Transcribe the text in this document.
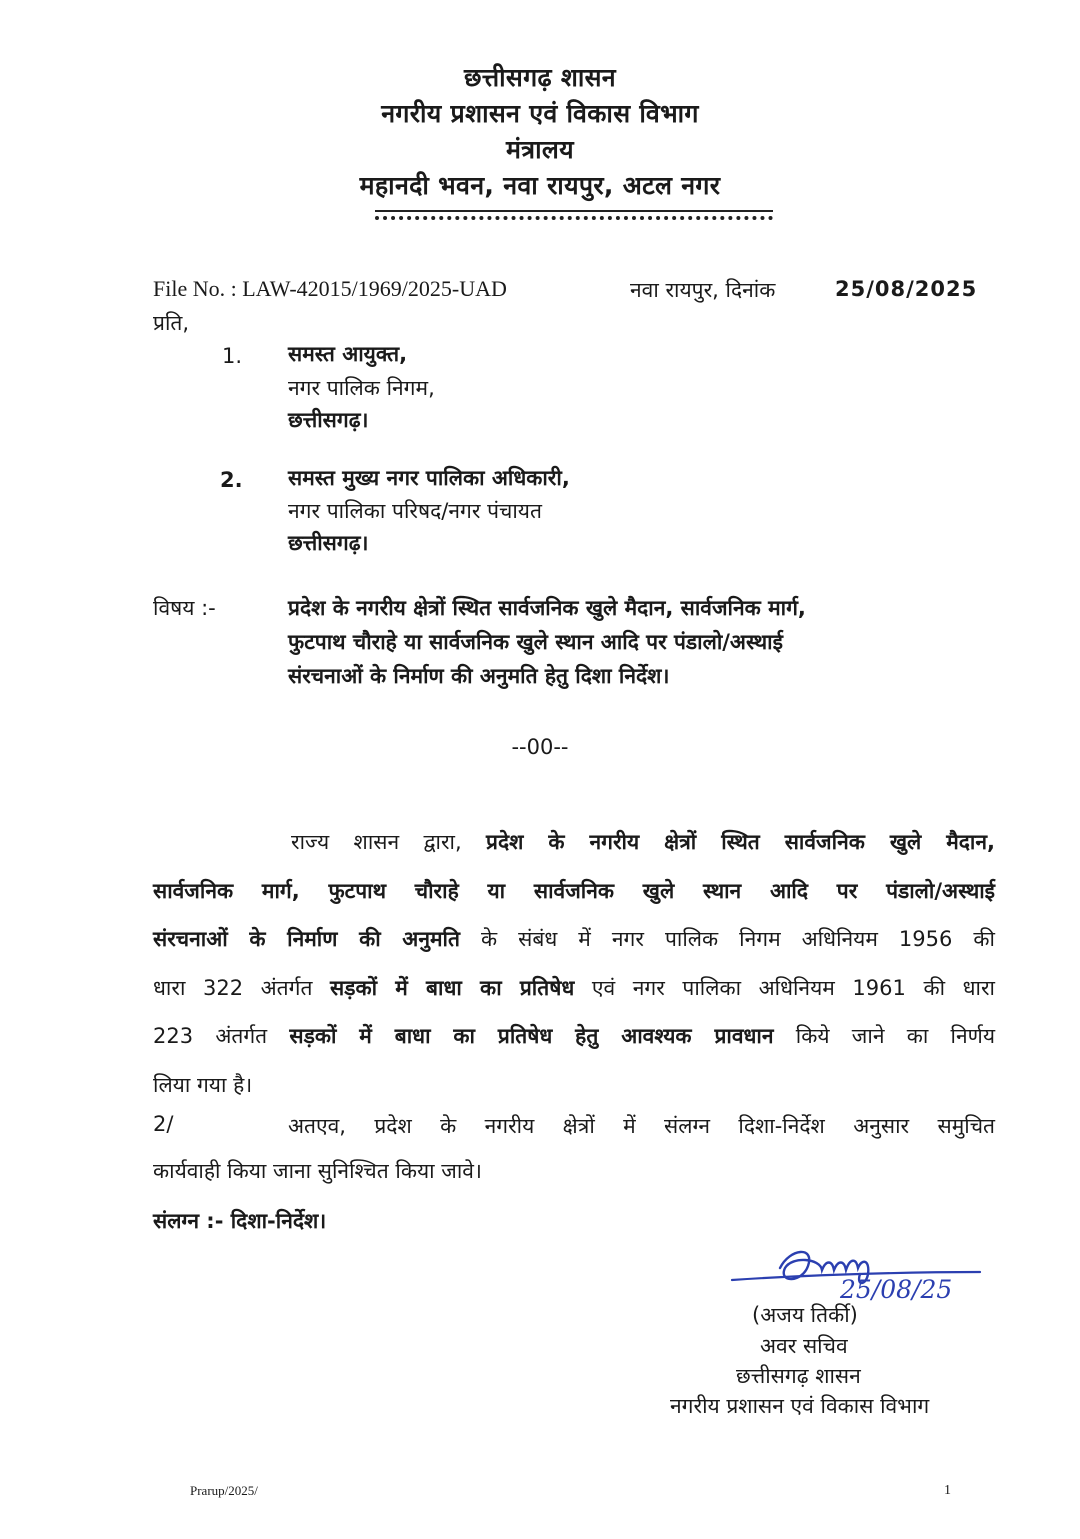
छत्तीसगढ़ शासन
नगरीय प्रशासन एवं विकास विभाग
मंत्रालय
महानदी भवन, नवा रायपुर, अटल नगर
File No. : LAW-42015/1969/2025-UAD	नवा रायपुर, दिनांक	25/08/2025
प्रति,
1. समस्त आयुक्त,
नगर पालिक निगम,
छत्तीसगढ़।
2. समस्त मुख्य नगर पालिका अधिकारी,
नगर पालिका परिषद/नगर पंचायत
छत्तीसगढ़।
विषय :-	प्रदेश के नगरीय क्षेत्रों स्थित सार्वजनिक खुले मैदान, सार्वजनिक मार्ग,
फुटपाथ चौराहे या सार्वजनिक खुले स्थान आदि पर पंडालो/अस्थाई
संरचनाओं के निर्माण की अनुमति हेतु दिशा निर्देश।
--00--
राज्य शासन द्वारा, प्रदेश के नगरीय क्षेत्रों स्थित सार्वजनिक खुले मैदान,
सार्वजनिक मार्ग, फुटपाथ चौराहे या सार्वजनिक खुले स्थान आदि पर पंडालो/अस्थाई
संरचनाओं के निर्माण की अनुमति के संबंध में नगर पालिक निगम अधिनियम 1956 की
धारा 322 अंतर्गत सड़कों में बाधा का प्रतिषेध एवं नगर पालिका अधिनियम 1961 की धारा
223 अंतर्गत सड़कों में बाधा का प्रतिषेध हेतु आवश्यक प्रावधान किये जाने का निर्णय
लिया गया है।
2/	अतएव, प्रदेश के नगरीय क्षेत्रों में संलग्न दिशा-निर्देश अनुसार समुचित
कार्यवाही किया जाना सुनिश्चित किया जावे।
संलग्न :- दिशा-निर्देश।
25/08/25
(अजय तिर्की)
अवर सचिव
छत्तीसगढ़ शासन
नगरीय प्रशासन एवं विकास विभाग
Prarup/2025/	1
